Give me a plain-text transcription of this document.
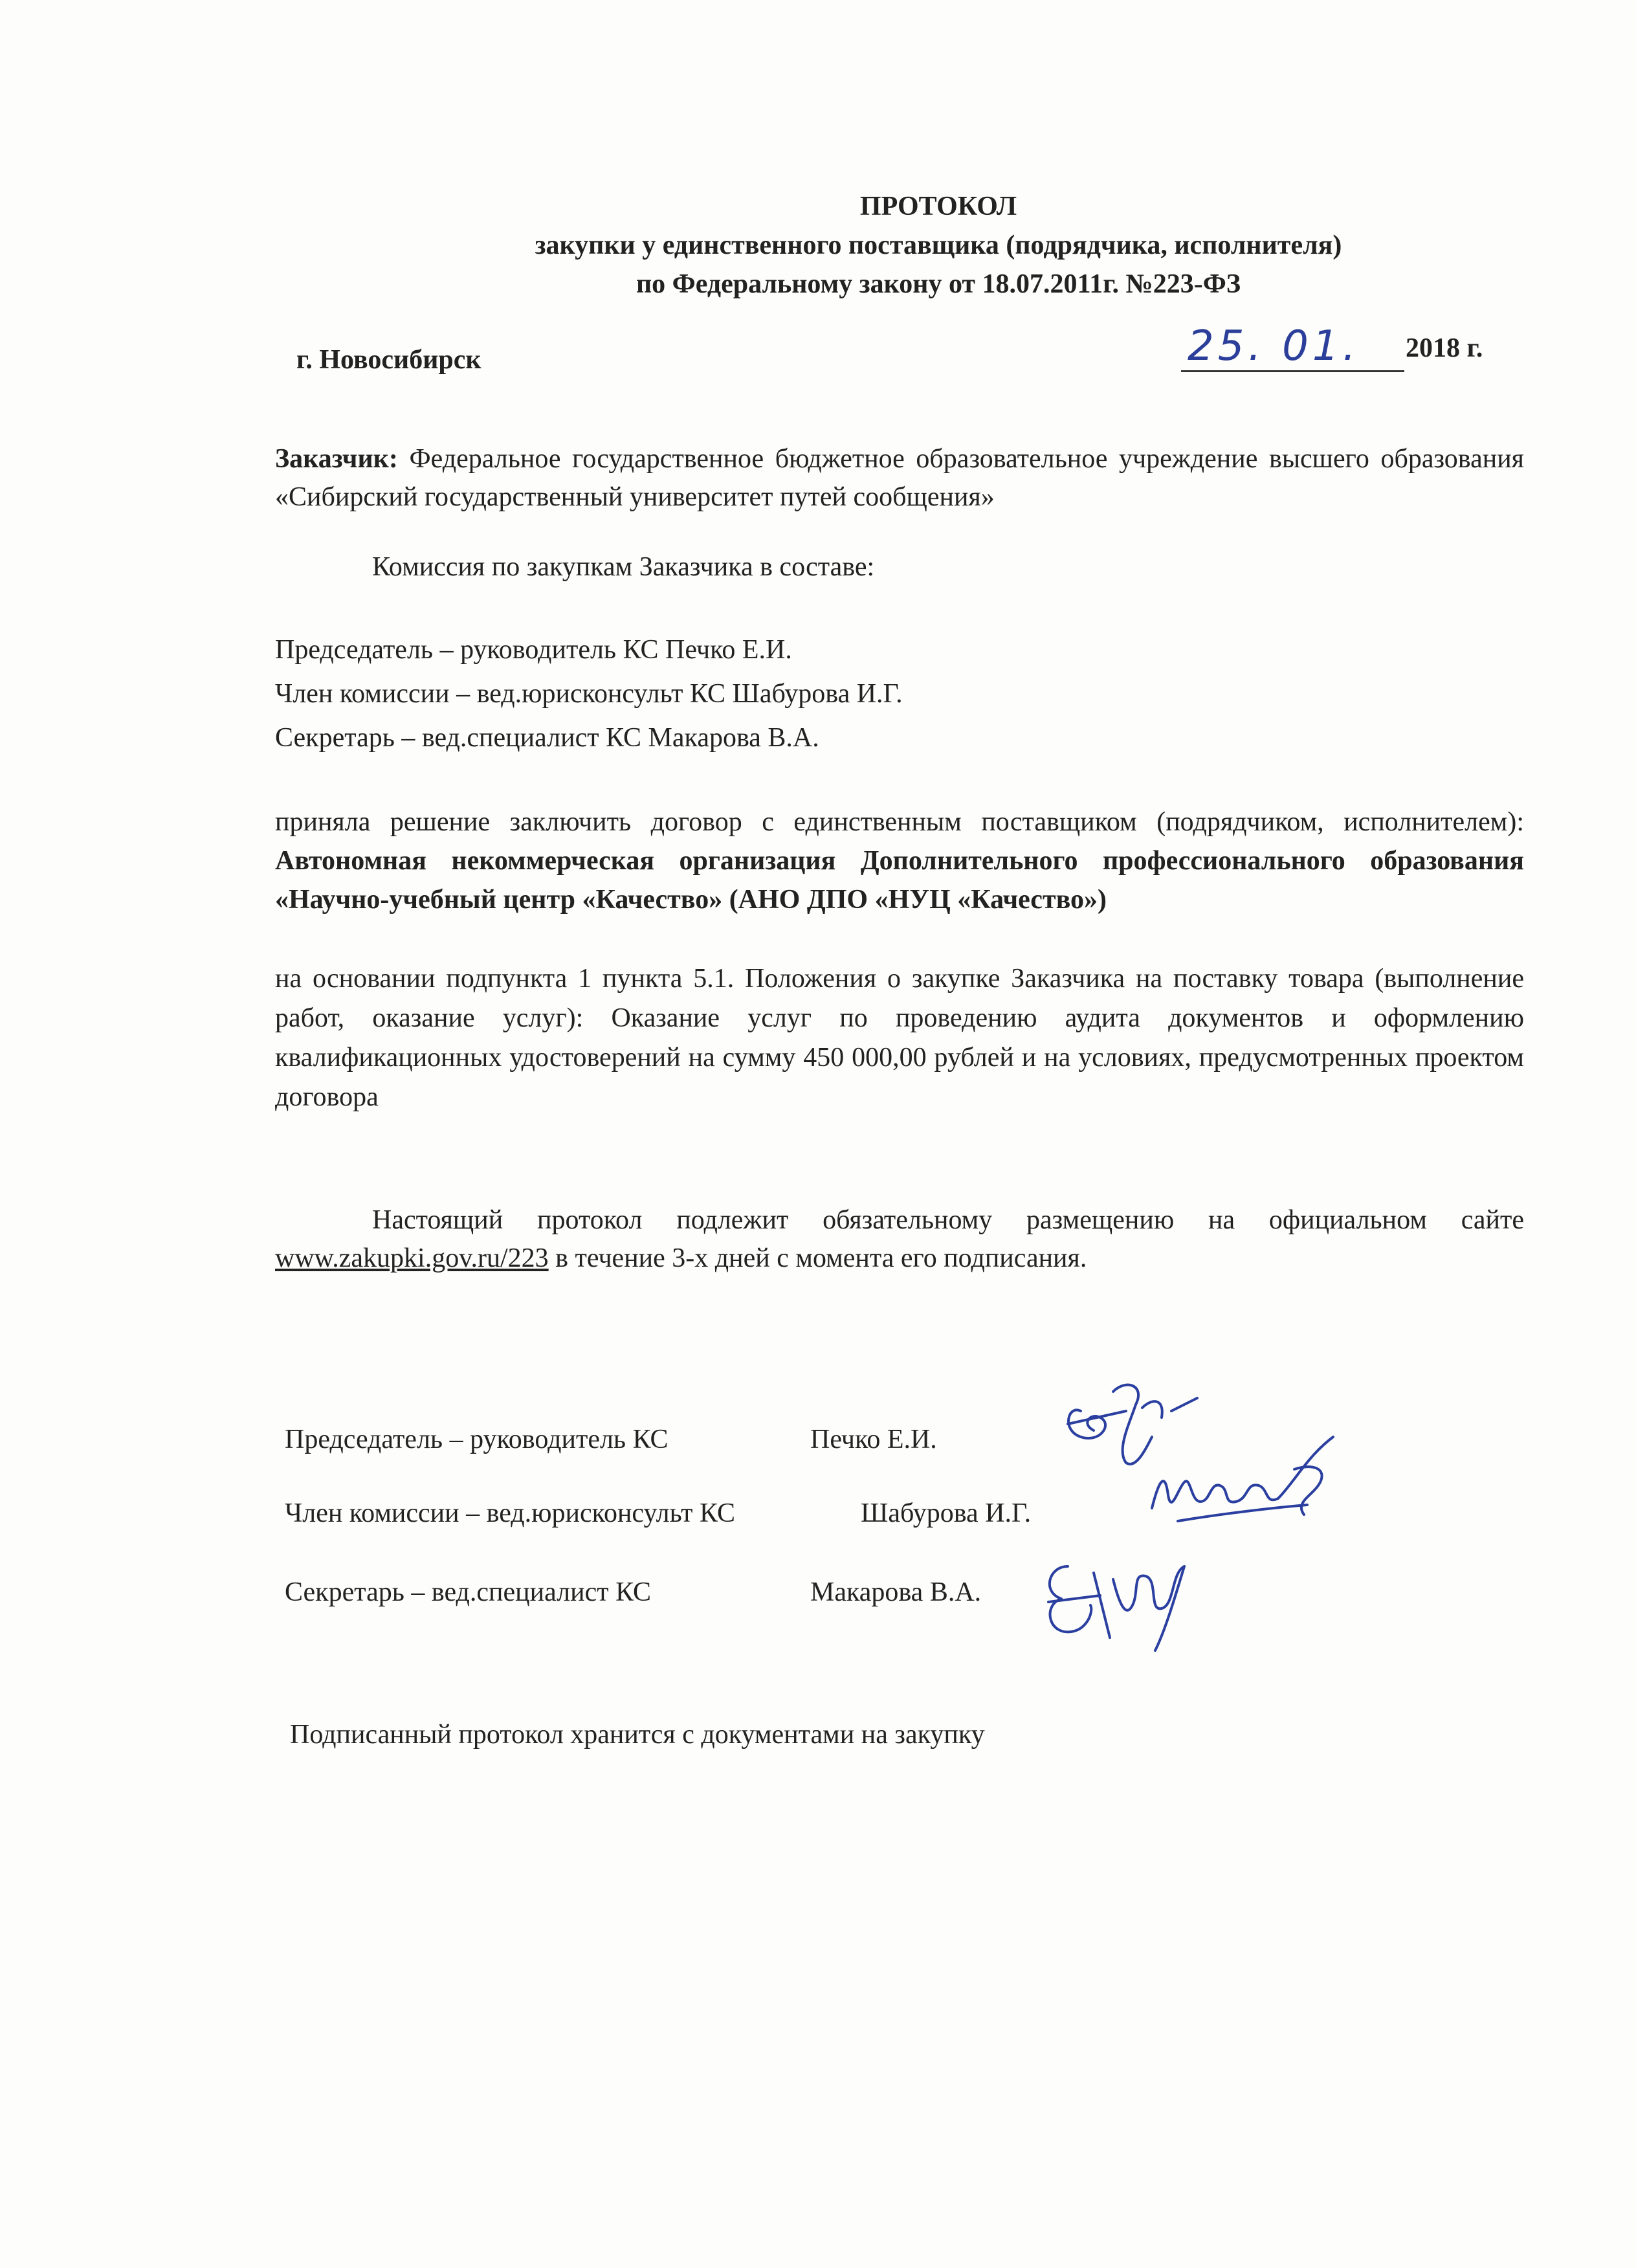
ПРОТОКОЛ
закупки у единственного поставщика (подрядчика, исполнителя)
по Федеральному закону от 18.07.2011г. №223-ФЗ
г. Новосибирск	25. 01. 2018 г.
Заказчик: Федеральное государственное бюджетное образовательное учреждение высшего образования «Сибирский государственный университет путей сообщения»
Комиссия по закупкам Заказчика в составе:
Председатель – руководитель КС Печко Е.И.
Член комиссии – вед.юрисконсульт КС Шабурова И.Г.
Секретарь – вед.специалист КС Макарова В.А.
приняла решение заключить договор с единственным поставщиком (подрядчиком, исполнителем): Автономная некоммерческая организация Дополнительного профессионального образования «Научно-учебный центр «Качество» (АНО ДПО «НУЦ «Качество»)
на основании подпункта 1 пункта 5.1. Положения о закупке Заказчика на поставку товара (выполнение работ, оказание услуг): Оказание услуг по проведению аудита документов и оформлению квалификационных удостоверений на сумму 450 000,00 рублей и на условиях, предусмотренных проектом договора
Настоящий протокол подлежит обязательному размещению на официальном сайте www.zakupki.gov.ru/223 в течение 3-х дней с момента его подписания.
Председатель – руководитель КС	Печко Е.И.
Член комиссии – вед.юрисконсульт КС	Шабурова И.Г.
Секретарь – вед.специалист КС	Макарова В.А.
Подписанный протокол хранится с документами на закупку
